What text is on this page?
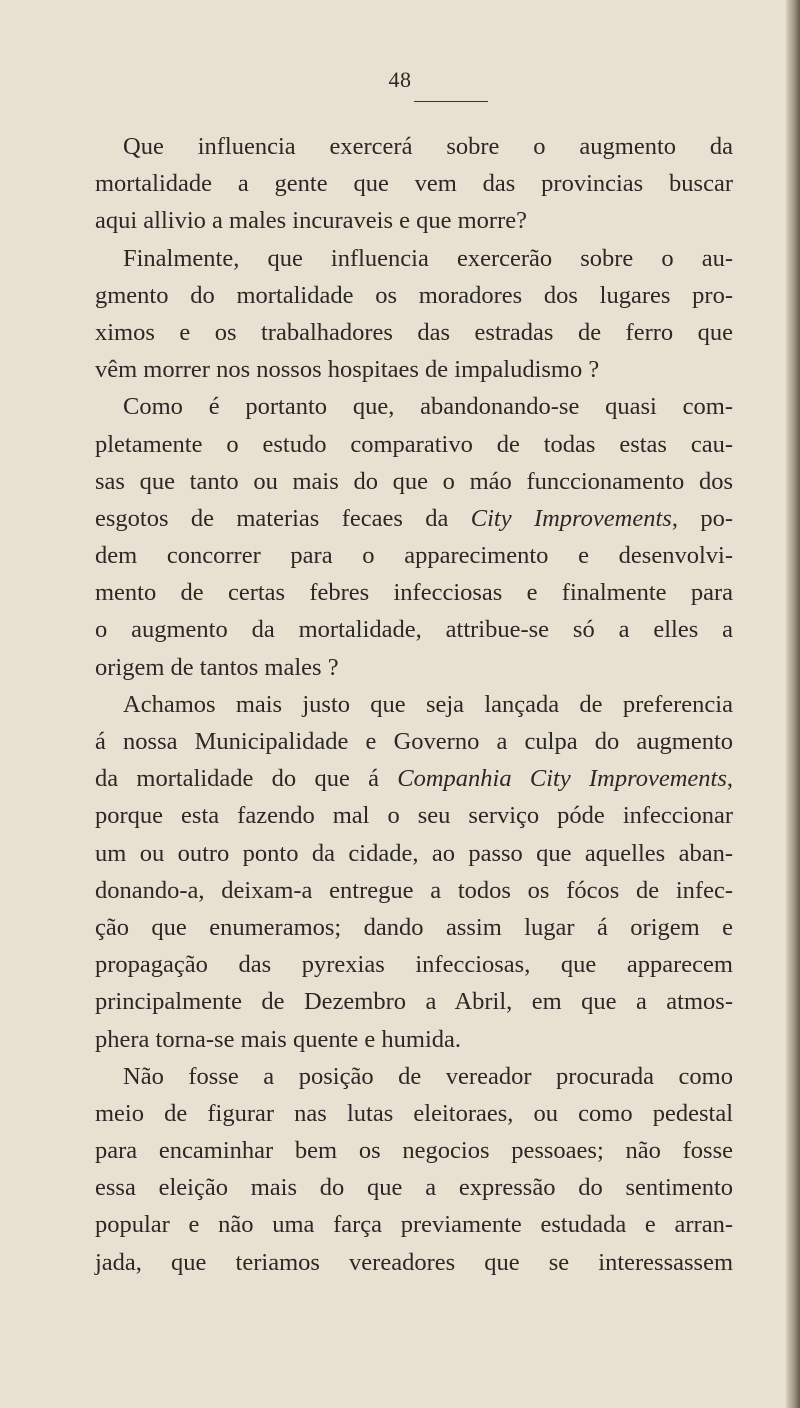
48
Que influencia exercerá sobre o augmento da
mortalidade a gente que vem das provincias buscar
aqui allivio a males incuraveis e que morre?
Finalmente, que influencia exercerão sobre o au-
gmento do mortalidade os moradores dos lugares pro-
ximos e os trabalhadores das estradas de ferro que
vêm morrer nos nossos hospitaes de impaludismo ?
Como é portanto que, abandonando-se quasi com-
pletamente o estudo comparativo de todas estas cau-
sas que tanto ou mais do que o máo funccionamento dos
esgotos de materias fecaes da City Improvements, po-
dem concorrer para o apparecimento e desenvolvi-
mento de certas febres infecciosas e finalmente para
o augmento da mortalidade, attribue-se só a elles a
origem de tantos males ?
Achamos mais justo que seja lançada de preferencia
á nossa Municipalidade e Governo a culpa do augmento
da mortalidade do que á Companhia City Improvements,
porque esta fazendo mal o seu serviço póde infeccionar
um ou outro ponto da cidade, ao passo que aquelles aban-
donando-a, deixam-a entregue a todos os fócos de infec-
ção que enumeramos; dando assim lugar á origem e
propagação das pyrexias infecciosas, que apparecem
principalmente de Dezembro a Abril, em que a atmos-
phera torna-se mais quente e humida.
Não fosse a posição de vereador procurada como
meio de figurar nas lutas eleitoraes, ou como pedestal
para encaminhar bem os negocios pessoaes; não fosse
essa eleição mais do que a expressão do sentimento
popular e não uma farça previamente estudada e arran-
jada, que teriamos vereadores que se interessassem
